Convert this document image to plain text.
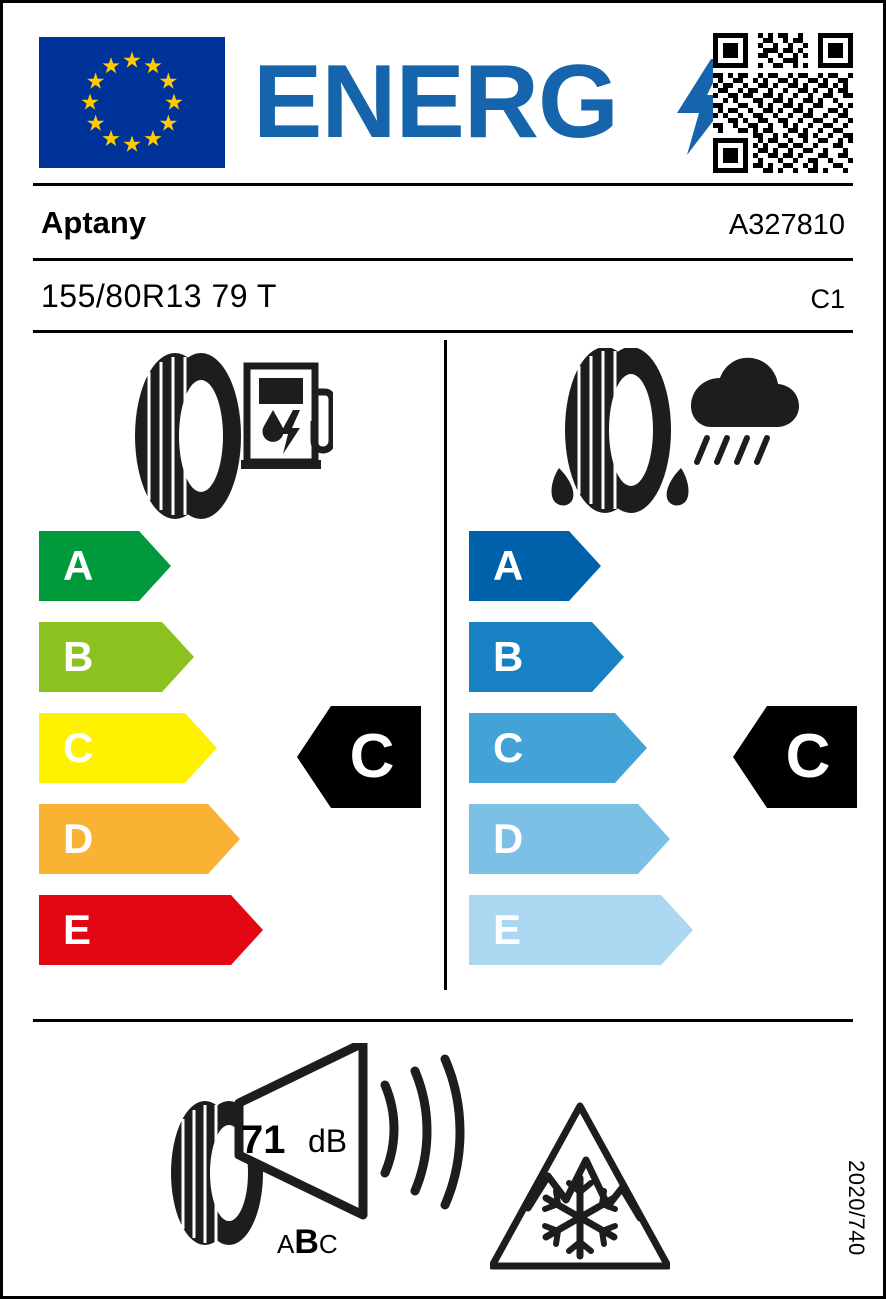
ENERG
Aptany	A327810
155/80R13 79 T	C1
A
B
C
D
E
A
B
C
D
E
C	C
71 dB
ABC	2020/740
